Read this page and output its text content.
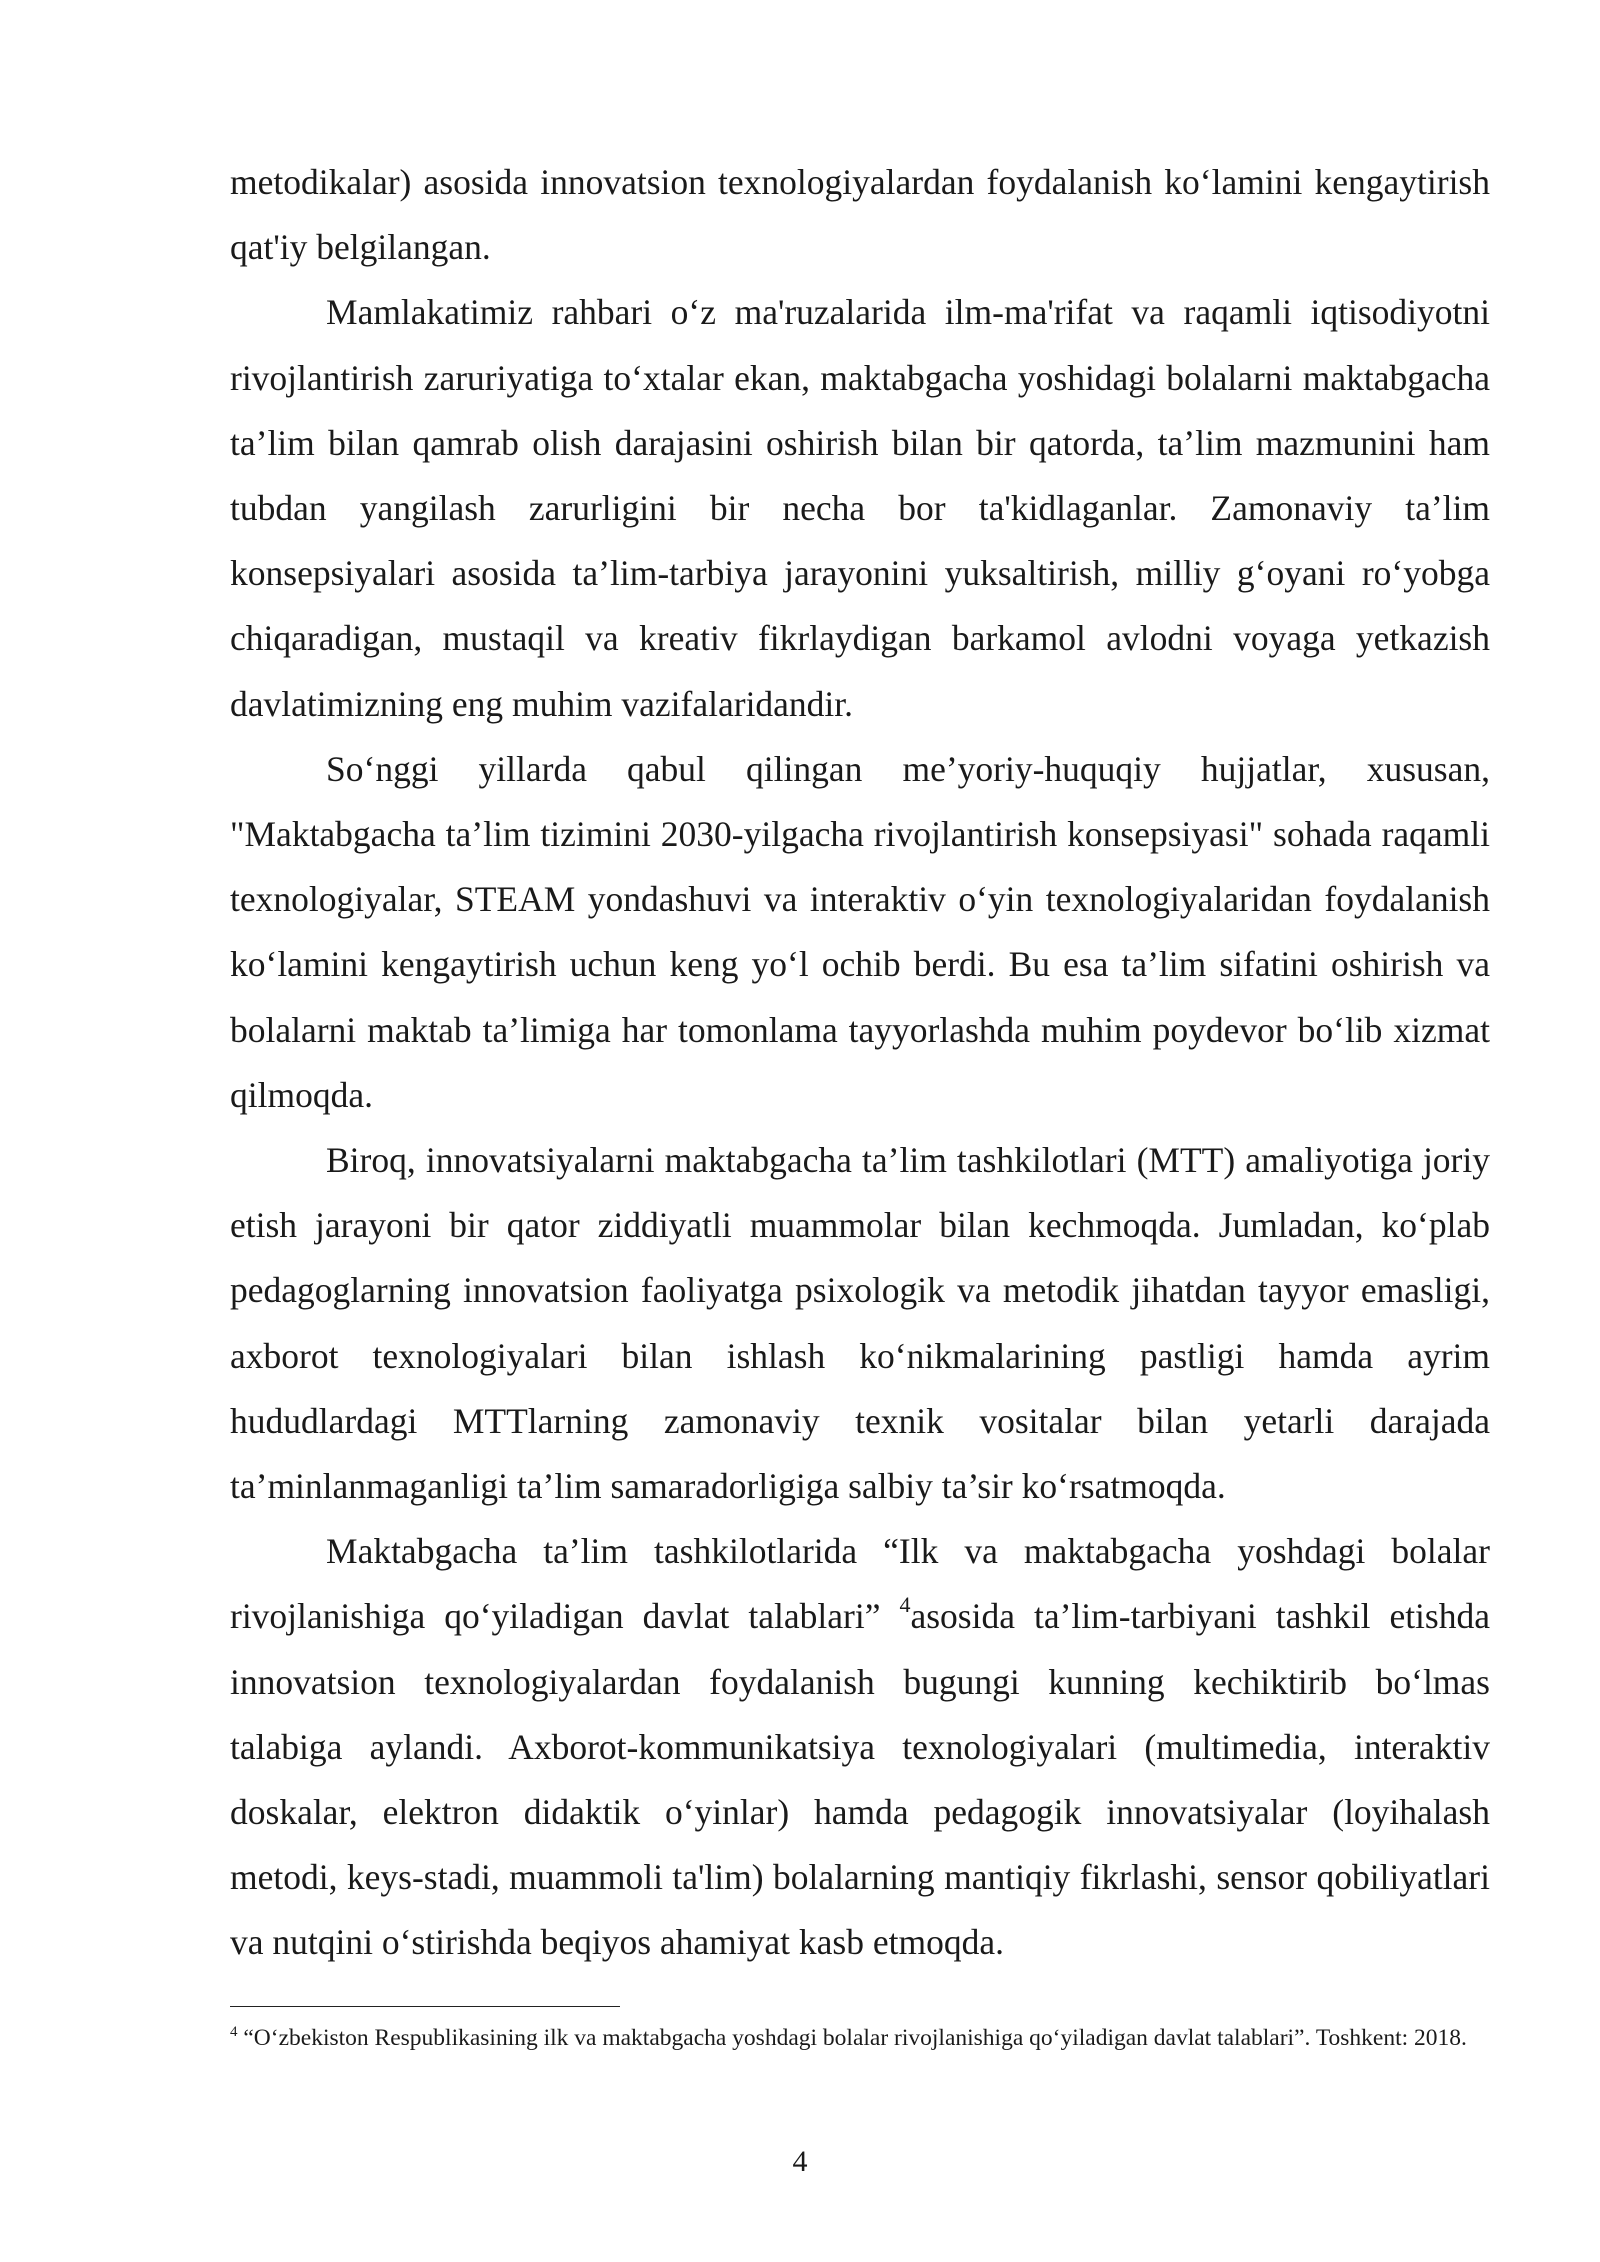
metodikalar) asosida innovatsion texnologiyalardan foydalanish ko‘lamini kengaytirish qat'iy belgilangan.

Mamlakatimiz rahbari o‘z ma'ruzalarida ilm-ma'rifat va raqamli iqtisodiyotni rivojlantirish zaruriyatiga to‘xtalar ekan, maktabgacha yoshidagi bolalarni maktabgacha ta’lim bilan qamrab olish darajasini oshirish bilan bir qatorda, ta’lim mazmunini ham tubdan yangilash zarurligini bir necha bor ta'kidlaganlar. Zamonaviy ta’lim konsepsiyalari asosida ta’lim-tarbiya jarayonini yuksaltirish, milliy g‘oyani ro‘yobga chiqaradigan, mustaqil va kreativ fikrlaydigan barkamol avlodni voyaga yetkazish davlatimizning eng muhim vazifalaridandir.

So‘nggi yillarda qabul qilingan me’yoriy-huquqiy hujjatlar, xususan, "Maktabgacha ta’lim tizimini 2030-yilgacha rivojlantirish konsepsiyasi" sohada raqamli texnologiyalar, STEAM yondashuvi va interaktiv o‘yin texnologiyalaridan foydalanish ko‘lamini kengaytirish uchun keng yo‘l ochib berdi. Bu esa ta’lim sifatini oshirish va bolalarni maktab ta’limiga har tomonlama tayyorlashda muhim poydevor bo‘lib xizmat qilmoqda.

Biroq, innovatsiyalarni maktabgacha ta’lim tashkilotlari (MTT) amaliyotiga joriy etish jarayoni bir qator ziddiyatli muammolar bilan kechmoqda. Jumladan, ko‘plab pedagoglarning innovatsion faoliyatga psixologik va metodik jihatdan tayyor emasligi, axborot texnologiyalari bilan ishlash ko‘nikmalarining pastligi hamda ayrim hududlardagi MTTlarning zamonaviy texnik vositalar bilan yetarli darajada ta’minlanmaganligi ta’lim samaradorligiga salbiy ta’sir ko‘rsatmoqda.

Maktabgacha ta’lim tashkilotlarida “Ilk va maktabgacha yoshdagi bolalar rivojlanishiga qo‘yiladigan davlat talablari” $^4$asosida ta’lim-tarbiyani tashkil etishda innovatsion texnologiyalardan foydalanish bugungi kunning kechiktirib bo‘lmas talabiga aylandi. Axborot-kommunikatsiya texnologiyalari (multimedia, interaktiv doskalar, elektron didaktik o‘yinlar) hamda pedagogik innovatsiyalar (loyihalash metodi, keys-stadi, muammoli ta'lim) bolalarning mantiqiy fikrlashi, sensor qobiliyatlari va nutqini o‘stirishda beqiyos ahamiyat kasb etmoqda.

$^4$ “O‘zbekiston Respublikasining ilk va maktabgacha yoshdagi bolalar rivojlanishiga qo‘yiladigan davlat talablari”. Toshkent: 2018.
4
